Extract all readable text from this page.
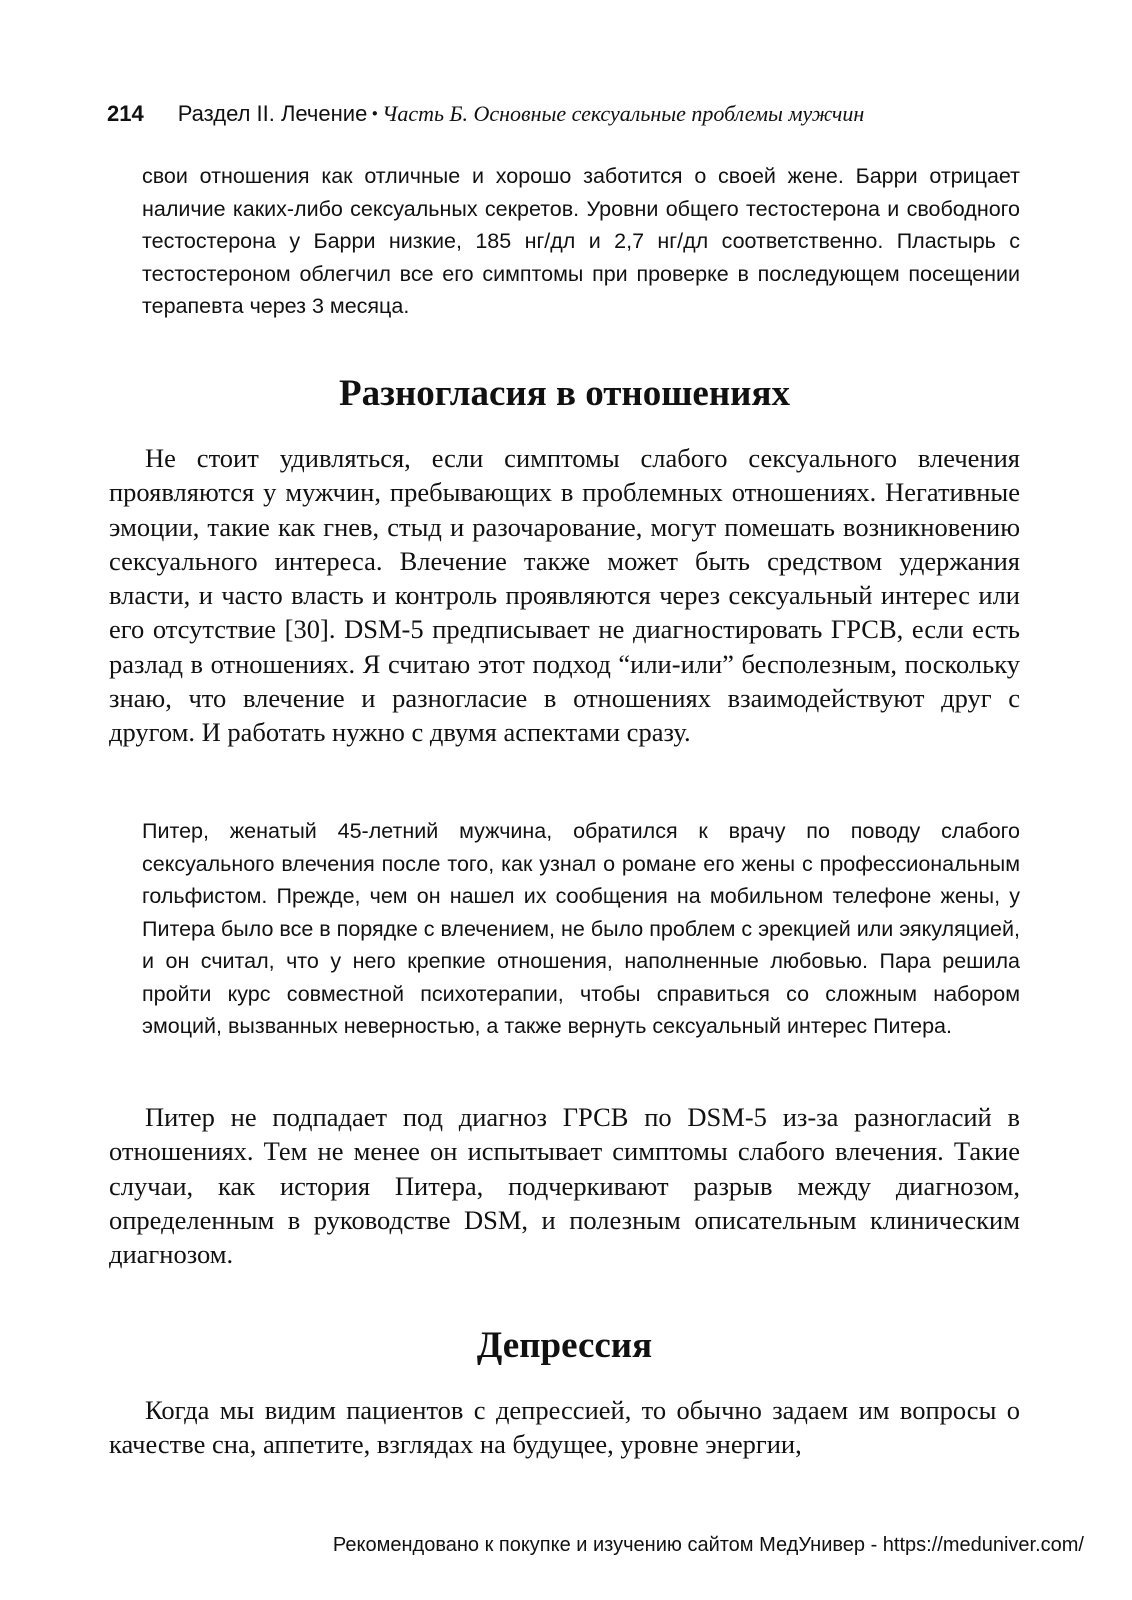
214 Раздел II. Лечение • Часть Б. Основные сексуальные проблемы мужчин

свои отношения как отличные и хорошо заботится о своей жене. Барри отрицает наличие каких-либо сексуальных секретов. Уровни общего тестостерона и свободного тестостерона у Барри низкие, 185 нг/дл и 2,7 нг/дл соответственно. Пластырь с тестостероном облегчил все его симптомы при проверке в последующем посещении терапевта через 3 месяца.

Разногласия в отношениях

Не стоит удивляться, если симптомы слабого сексуального влечения проявляются у мужчин, пребывающих в проблемных отношениях. Негативные эмоции, такие как гнев, стыд и разочарование, могут помешать возникновению сексуального интереса. Влечение также может быть средством удержания власти, и часто власть и контроль проявляются через сексуальный интерес или его отсутствие [30]. DSM-5 предписывает не диагностировать ГРСВ, если есть разлад в отношениях. Я считаю этот подход “или-или” бесполезным, поскольку знаю, что влечение и разногласие в отношениях взаимодействуют друг с другом. И работать нужно с двумя аспектами сразу.

Питер, женатый 45-летний мужчина, обратился к врачу по поводу слабого сексуального влечения после того, как узнал о романе его жены с профессиональным гольфистом. Прежде, чем он нашел их сообщения на мобильном телефоне жены, у Питера было все в порядке с влечением, не было проблем с эрекцией или эякуляцией, и он считал, что у него крепкие отношения, наполненные любовью. Пара решила пройти курс совместной психотерапии, чтобы справиться со сложным набором эмоций, вызванных неверностью, а также вернуть сексуальный интерес Питера.

Питер не подпадает под диагноз ГРСВ по DSM-5 из-за разногласий в отношениях. Тем не менее он испытывает симптомы слабого влечения. Такие случаи, как история Питера, подчеркивают разрыв между диагнозом, определенным в руководстве DSM, и полезным описательным клиническим диагнозом.

Депрессия

Когда мы видим пациентов с депрессией, то обычно задаем им вопросы о качестве сна, аппетите, взглядах на будущее, уровне энергии,

Рекомендовано к покупке и изучению сайтом МедУнивер - https://meduniver.com/
